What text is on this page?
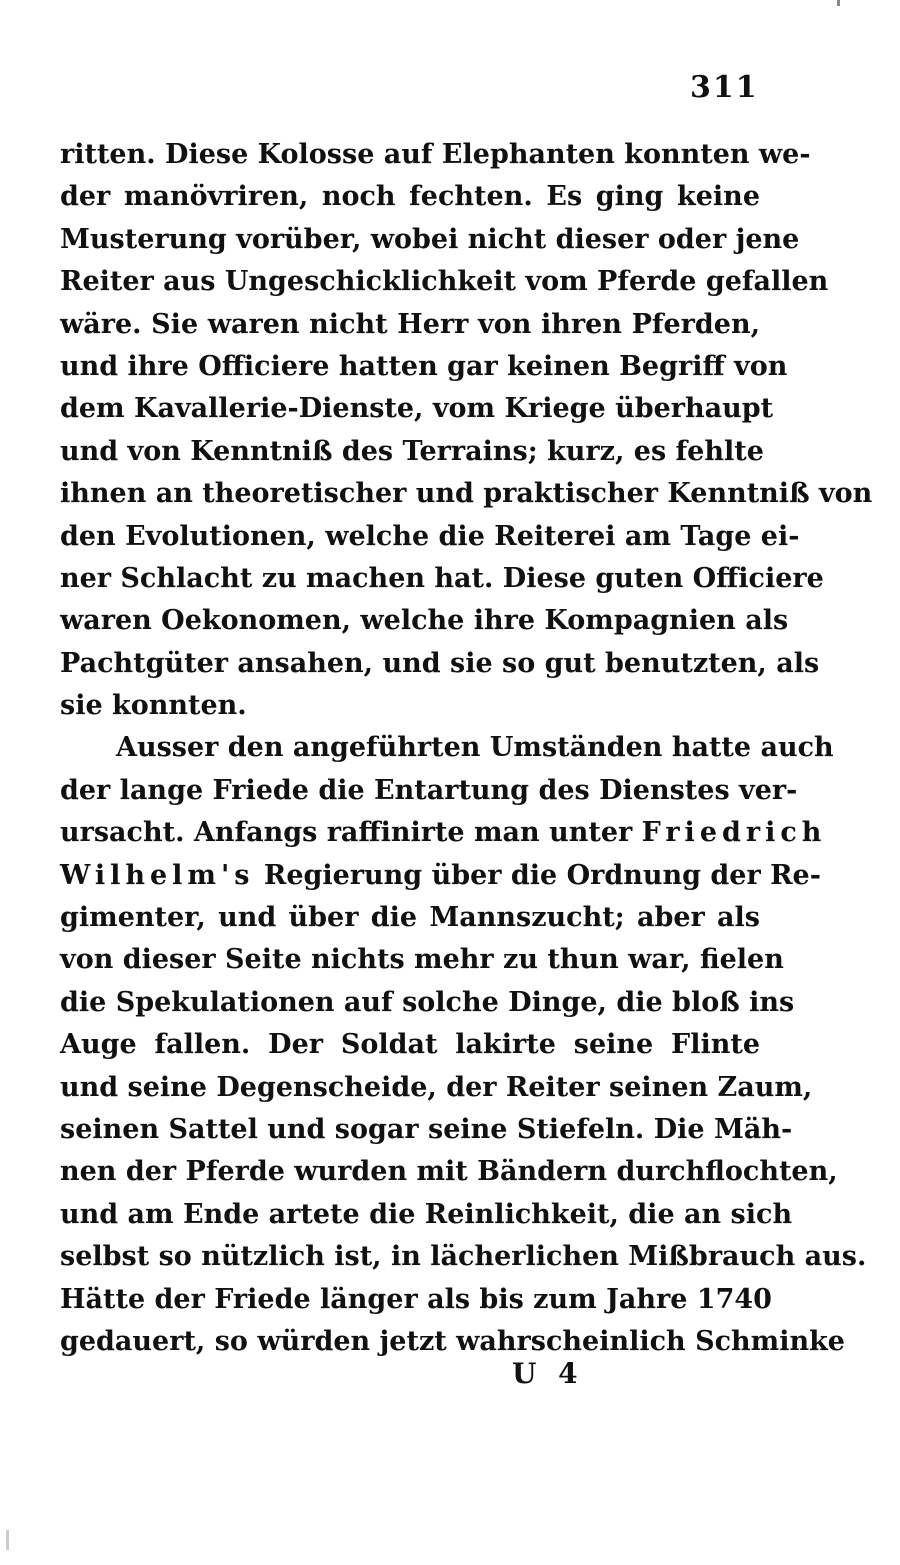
311
ritten. Diese Kolosse auf Elephanten konnten we-
der manövriren, noch fechten. Es ging keine
Musterung vorüber, wobei nicht dieser oder jene
Reiter aus Ungeschicklichkeit vom Pferde gefallen
wäre. Sie waren nicht Herr von ihren Pferden,
und ihre Officiere hatten gar keinen Begriff von
dem Kavallerie-Dienste, vom Kriege überhaupt
und von Kenntniß des Terrains; kurz, es fehlte
ihnen an theoretischer und praktischer Kenntniß von
den Evolutionen, welche die Reiterei am Tage ei-
ner Schlacht zu machen hat. Diese guten Officiere
waren Oekonomen, welche ihre Kompagnien als
Pachtgüter ansahen, und sie so gut benutzten, als
sie konnten.
Ausser den angeführten Umständen hatte auch
der lange Friede die Entartung des Dienstes ver-
ursacht. Anfangs raffinirte man unter Friedrich
Wilhelm's Regierung über die Ordnung der Re-
gimenter, und über die Mannszucht; aber als
von dieser Seite nichts mehr zu thun war, fielen
die Spekulationen auf solche Dinge, die bloß ins
Auge fallen. Der Soldat lakirte seine Flinte
und seine Degenscheide, der Reiter seinen Zaum,
seinen Sattel und sogar seine Stiefeln. Die Mäh-
nen der Pferde wurden mit Bändern durchflochten,
und am Ende artete die Reinlichkeit, die an sich
selbst so nützlich ist, in lächerlichen Mißbrauch aus.
Hätte der Friede länger als bis zum Jahre 1740
gedauert, so würden jetzt wahrscheinlich Schminke
U 4
